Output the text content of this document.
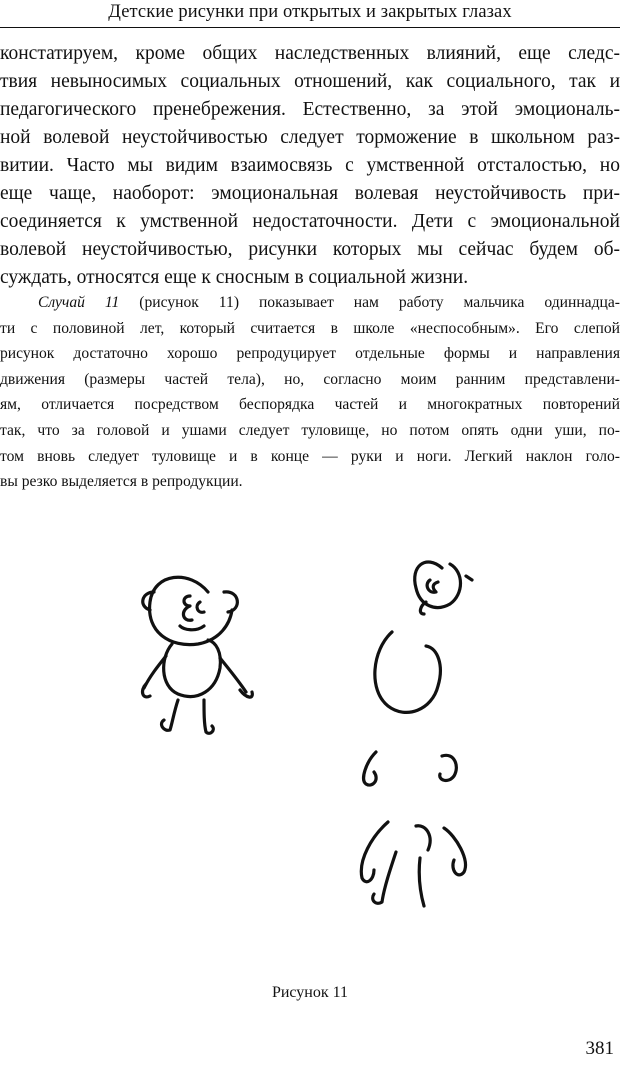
Детские рисунки при открытых и закрытых глазах
констатируем, кроме общих наследственных влияний, еще следс-
твия невыносимых социальных отношений, как социального, так и
педагогического пренебрежения. Естественно, за этой эмоциональ-
ной волевой неустойчивостью следует торможение в школьном раз-
витии. Часто мы видим взаимосвязь с умственной отсталостью, но
еще чаще, наоборот: эмоциональная волевая неустойчивость при-
соединяется к умственной недостаточности. Дети с эмоциональной
волевой неустойчивостью, рисунки которых мы сейчас будем об-
суждать, относятся еще к сносным в социальной жизни.
Случай 11 (рисунок 11) показывает нам работу мальчика одиннадца-
ти с половиной лет, который считается в школе «неспособным». Его слепой
рисунок достаточно хорошо репродуцирует отдельные формы и направления
движения (размеры частей тела), но, согласно моим ранним представлени-
ям, отличается посредством беспорядка частей и многократных повторений
так, что за головой и ушами следует туловище, но потом опять одни уши, по-
том вновь следует туловище и в конце — руки и ноги. Легкий наклон голо-
вы резко выделяется в репродукции.
Рисунок 11
381
